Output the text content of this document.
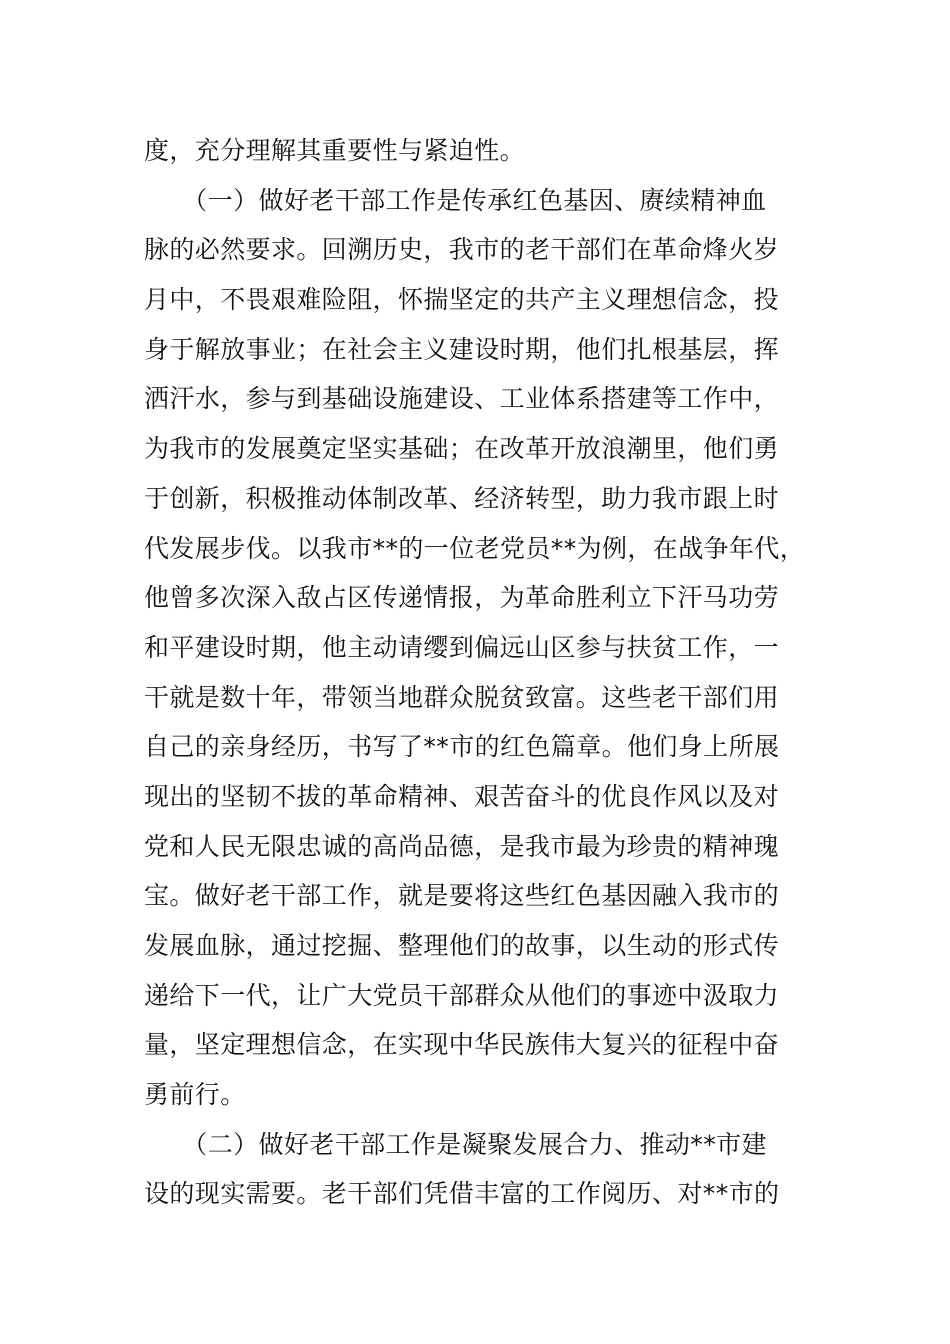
度，充分理解其重要性与紧迫性。
　　（一）做好老干部工作是传承红色基因、赓续精神血
脉的必然要求。回溯历史，我市的老干部们在革命烽火岁
月中，不畏艰难险阻，怀揣坚定的共产主义理想信念，投
身于解放事业；在社会主义建设时期，他们扎根基层，挥
洒汗水，参与到基础设施建设、工业体系搭建等工作中，
为我市的发展奠定坚实基础；在改革开放浪潮里，他们勇
于创新，积极推动体制改革、经济转型，助力我市跟上时
代发展步伐。以我市**的一位老党员**为例，在战争年代，
他曾多次深入敌占区传递情报，为革命胜利立下汗马功劳
和平建设时期，他主动请缨到偏远山区参与扶贫工作，一
干就是数十年，带领当地群众脱贫致富。这些老干部们用
自己的亲身经历，书写了**市的红色篇章。他们身上所展
现出的坚韧不拔的革命精神、艰苦奋斗的优良作风以及对
党和人民无限忠诚的高尚品德，是我市最为珍贵的精神瑰
宝。做好老干部工作，就是要将这些红色基因融入我市的
发展血脉，通过挖掘、整理他们的故事，以生动的形式传
递给下一代，让广大党员干部群众从他们的事迹中汲取力
量，坚定理想信念，在实现中华民族伟大复兴的征程中奋
勇前行。
　　（二）做好老干部工作是凝聚发展合力、推动**市建
设的现实需要。老干部们凭借丰富的工作阅历、对**市的
